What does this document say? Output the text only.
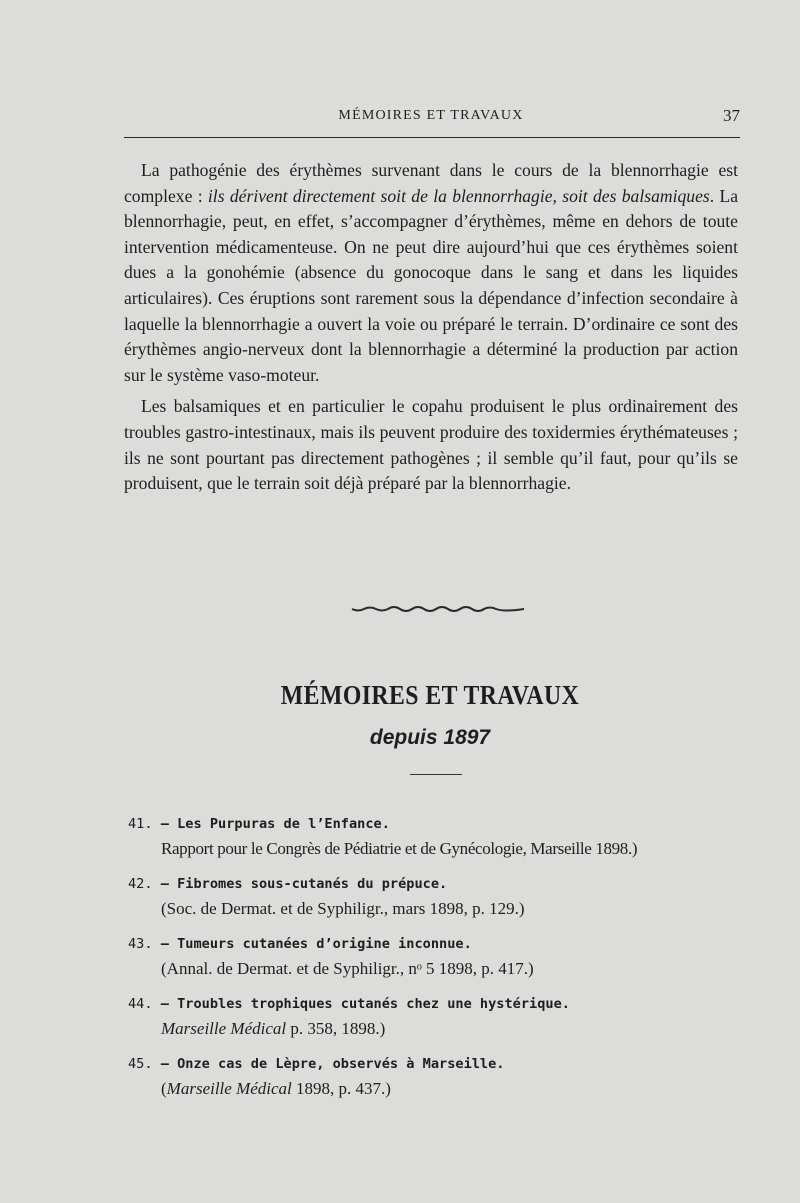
MÉMOIRES ET TRAVAUX	37

La pathogénie des érythèmes survenant dans le cours de la blennorrhagie est complexe : ils dérivent directement soit de la blennorrhagie, soit des balsamiques. La blennorrhagie, peut, en effet, s’accompagner d’érythèmes, même en dehors de toute intervention médicamenteuse. On ne peut dire aujourd’hui que ces érythèmes soient dues a la gonohémie (absence du gonocoque dans le sang et dans les liquides articulaires). Ces éruptions sont rarement sous la dépendance d’infection secondaire à laquelle la blennorrhagie a ouvert la voie ou préparé le terrain. D’ordinaire ce sont des érythèmes angio-nerveux dont la blennorrhagie a déterminé la production par action sur le système vaso-moteur.

Les balsamiques et en particulier le copahu produisent le plus ordinairement des troubles gastro-intestinaux, mais ils peuvent produire des toxidermies érythémateuses ; ils ne sont pourtant pas directement pathogènes ; il semble qu’il faut, pour qu’ils se produisent, que le terrain soit déjà préparé par la blennorrhagie.

MÉMOIRES ET TRAVAUX
depuis 1897
41. — Les Purpuras de l’Enfance.
Rapport pour le Congrès de Pédiatrie et de Gynécologie, Marseille 1898.)
42. — Fibromes sous-cutanés du prépuce.
(Soc. de Dermat. et de Syphiligr., mars 1898, p. 129.)
43. — Tumeurs cutanées d’origine inconnue.
(Annal. de Dermat. et de Syphiligr., nᵒ 5 1898, p. 417.)
44. — Troubles trophiques cutanés chez une hystérique.
Marseille Médical p. 358, 1898.)
45. — Onze cas de Lèpre, observés à Marseille.
(Marseille Médical 1898, p. 437.)
